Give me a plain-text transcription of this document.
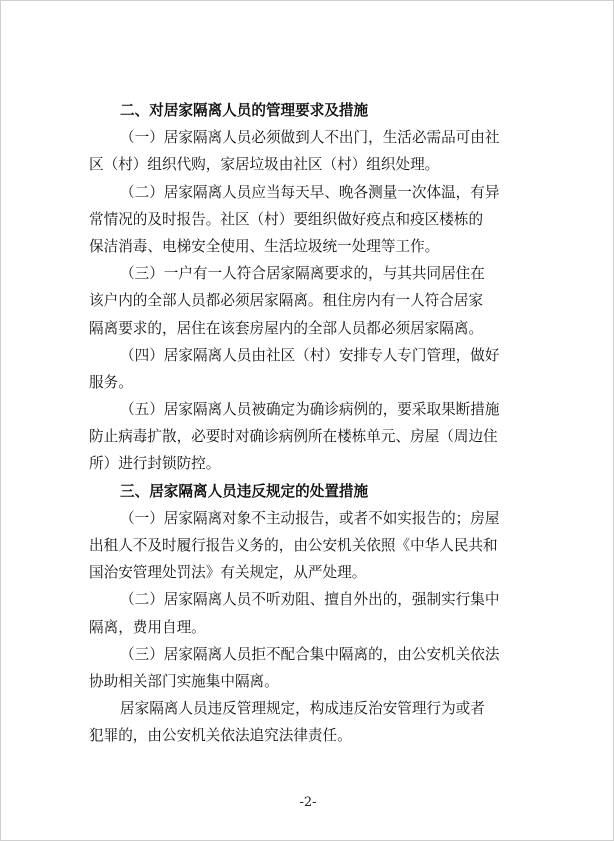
二、对居家隔离人员的管理要求及措施
（一）居家隔离人员必须做到人不出门，生活必需品可由社
区（村）组织代购，家居垃圾由社区（村）组织处理。
（二）居家隔离人员应当每天早、晚各测量一次体温，有异
常情况的及时报告。社区（村）要组织做好疫点和疫区楼栋的
保洁消毒、电梯安全使用、生活垃圾统一处理等工作。
（三）一户有一人符合居家隔离要求的，与其共同居住在
该户内的全部人员都必须居家隔离。租住房内有一人符合居家
隔离要求的，居住在该套房屋内的全部人员都必须居家隔离。
（四）居家隔离人员由社区（村）安排专人专门管理，做好
服务。
（五）居家隔离人员被确定为确诊病例的，要采取果断措施
防止病毒扩散，必要时对确诊病例所在楼栋单元、房屋（周边住
所）进行封锁防控。
三、居家隔离人员违反规定的处置措施
（一）居家隔离对象不主动报告，或者不如实报告的；房屋
出租人不及时履行报告义务的，由公安机关依照《中华人民共和
国治安管理处罚法》有关规定，从严处理。
（二）居家隔离人员不听劝阻、擅自外出的，强制实行集中
隔离，费用自理。
（三）居家隔离人员拒不配合集中隔离的，由公安机关依法
协助相关部门实施集中隔离。
居家隔离人员违反管理规定，构成违反治安管理行为或者
犯罪的，由公安机关依法追究法律责任。
-2-
